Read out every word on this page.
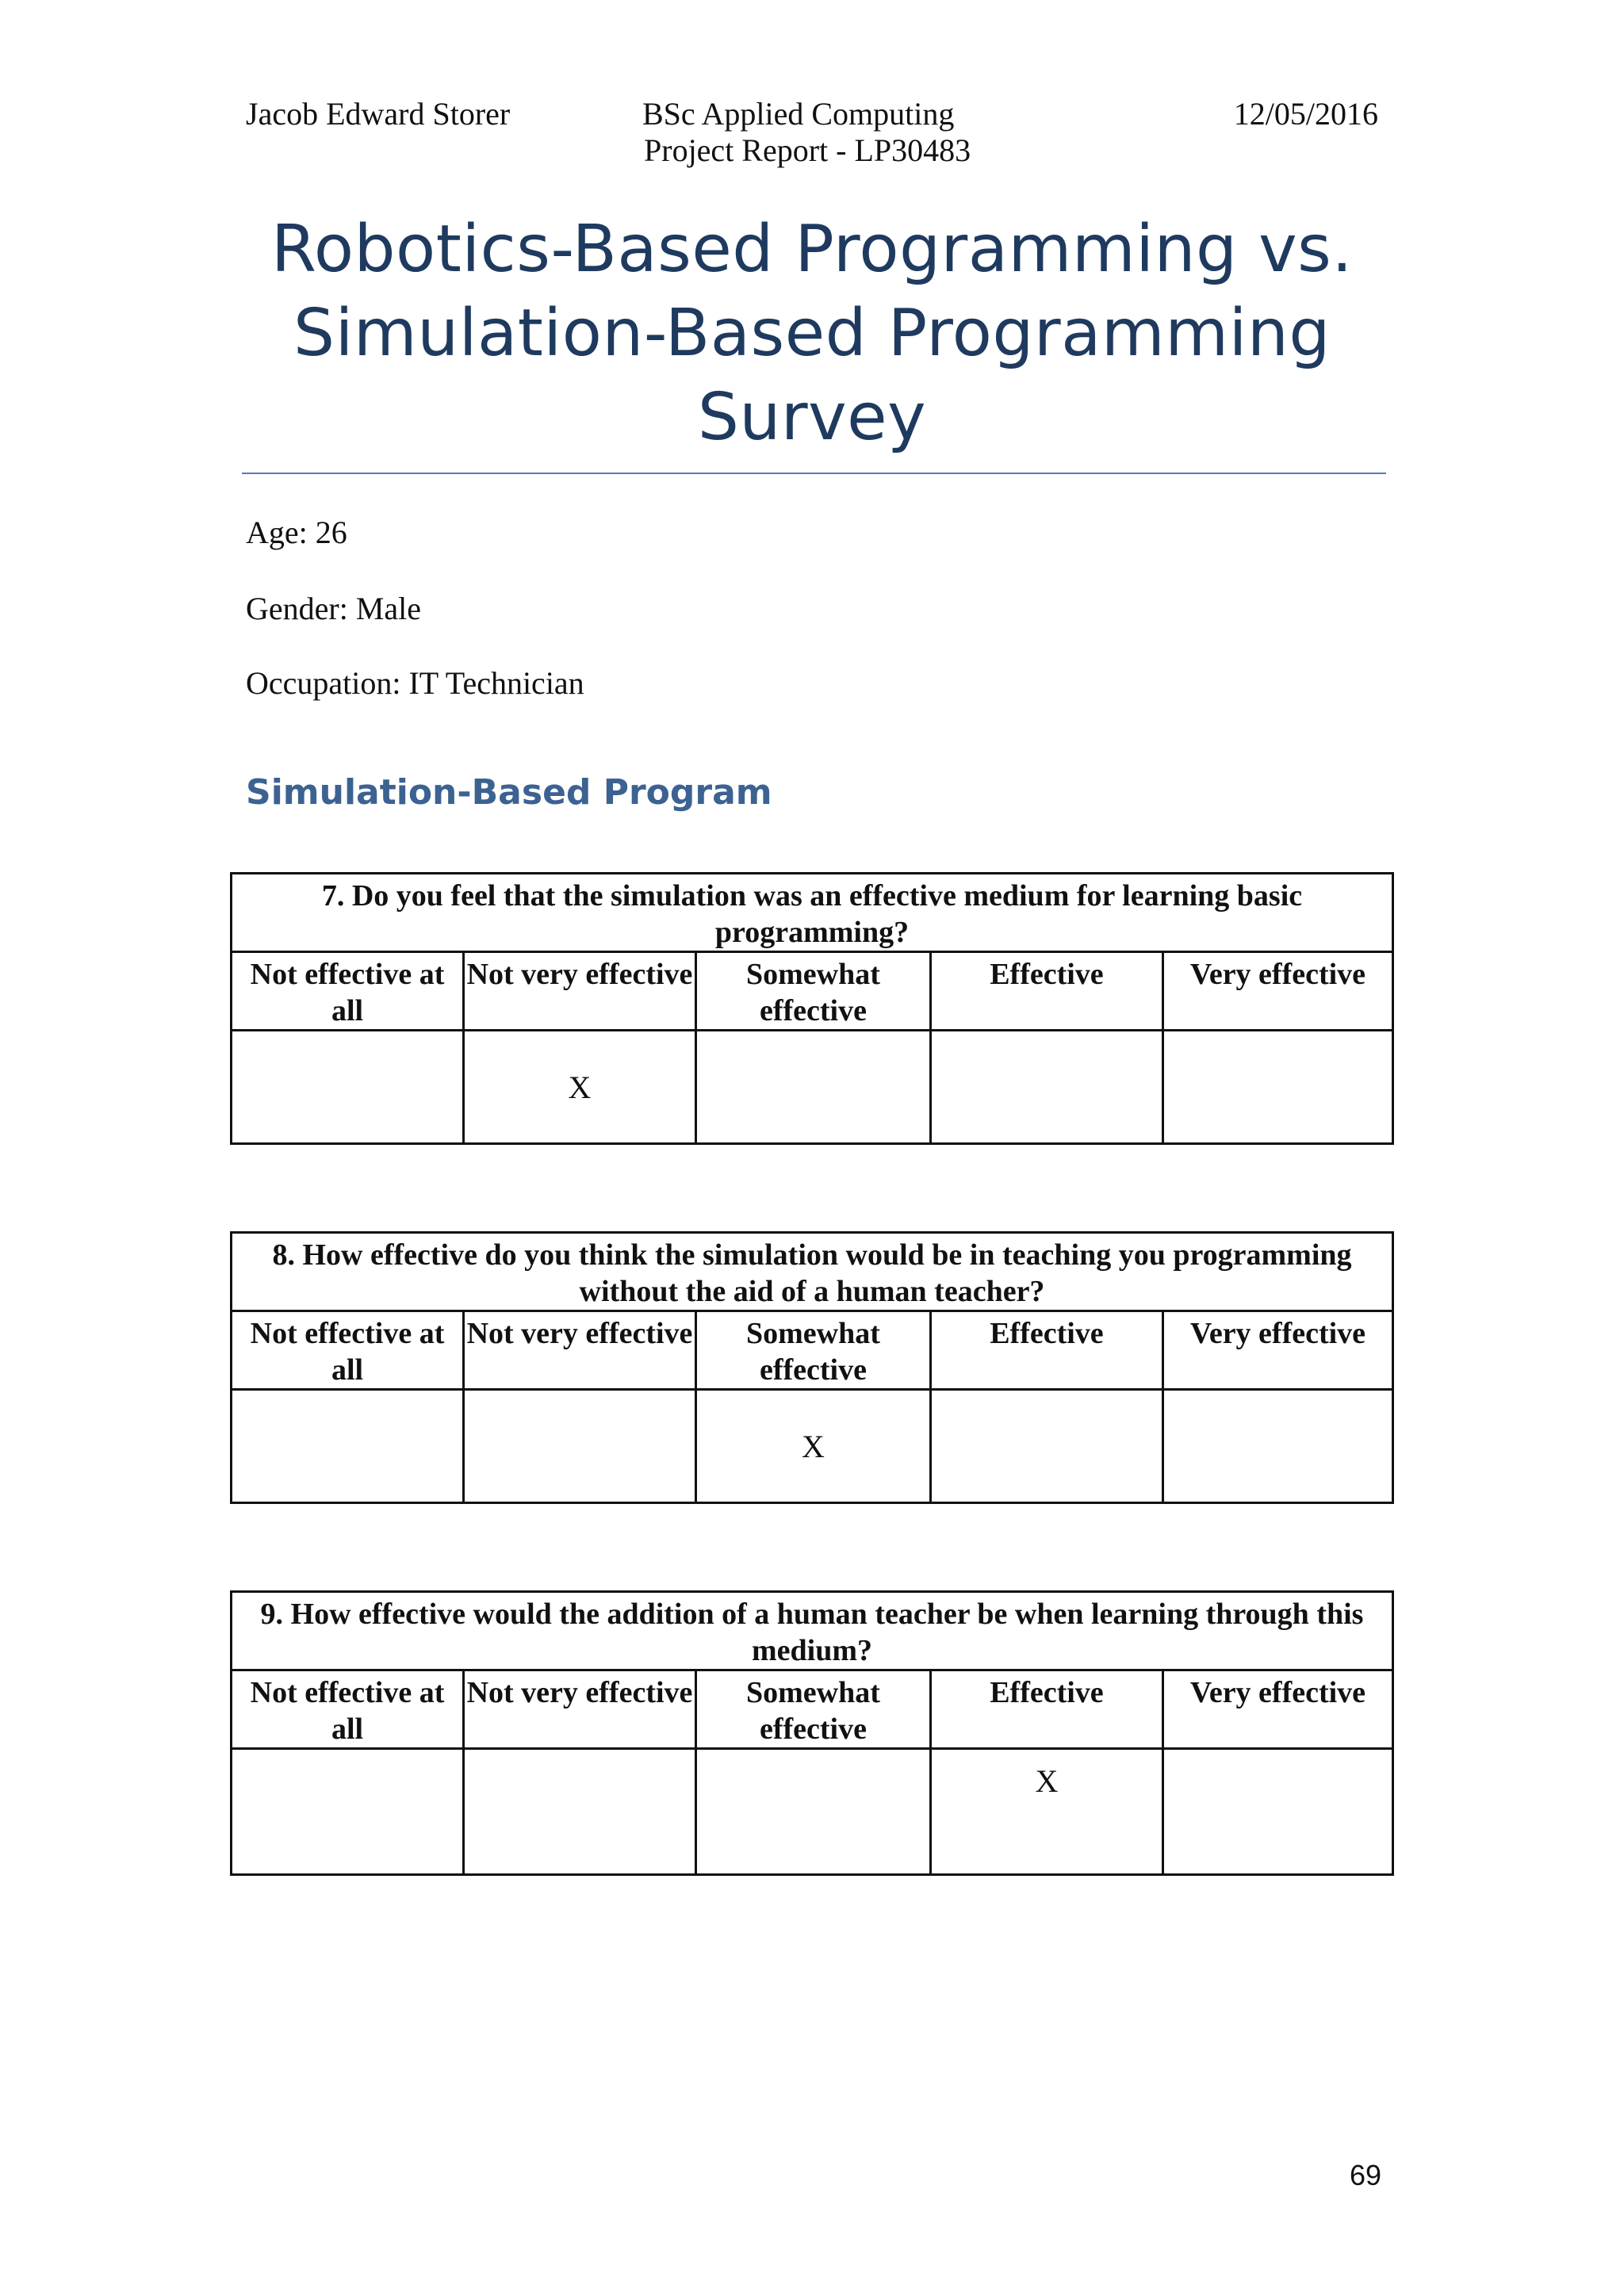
Jacob Edward Storer	BSc Applied Computing
Project Report - LP30483
12/05/2016
Robotics-Based Programming vs.
Simulation-Based Programming
Survey
Age: 26
Gender: Male
Occupation: IT Technician
Simulation-Based Program
7. Do you feel that the simulation was an effective medium for learning basic programming?				
Not effective at all	Not very effective	Somewhat effective	Effective	Very effective
	X			
8. How effective do you think the simulation would be in teaching you programming without the aid of a human teacher?				
Not effective at all	Not very effective	Somewhat effective	Effective	Very effective
		X		
9. How effective would the addition of a human teacher be when learning through this medium?				
Not effective at all	Not very effective	Somewhat effective	Effective	Very effective
			X	
69
